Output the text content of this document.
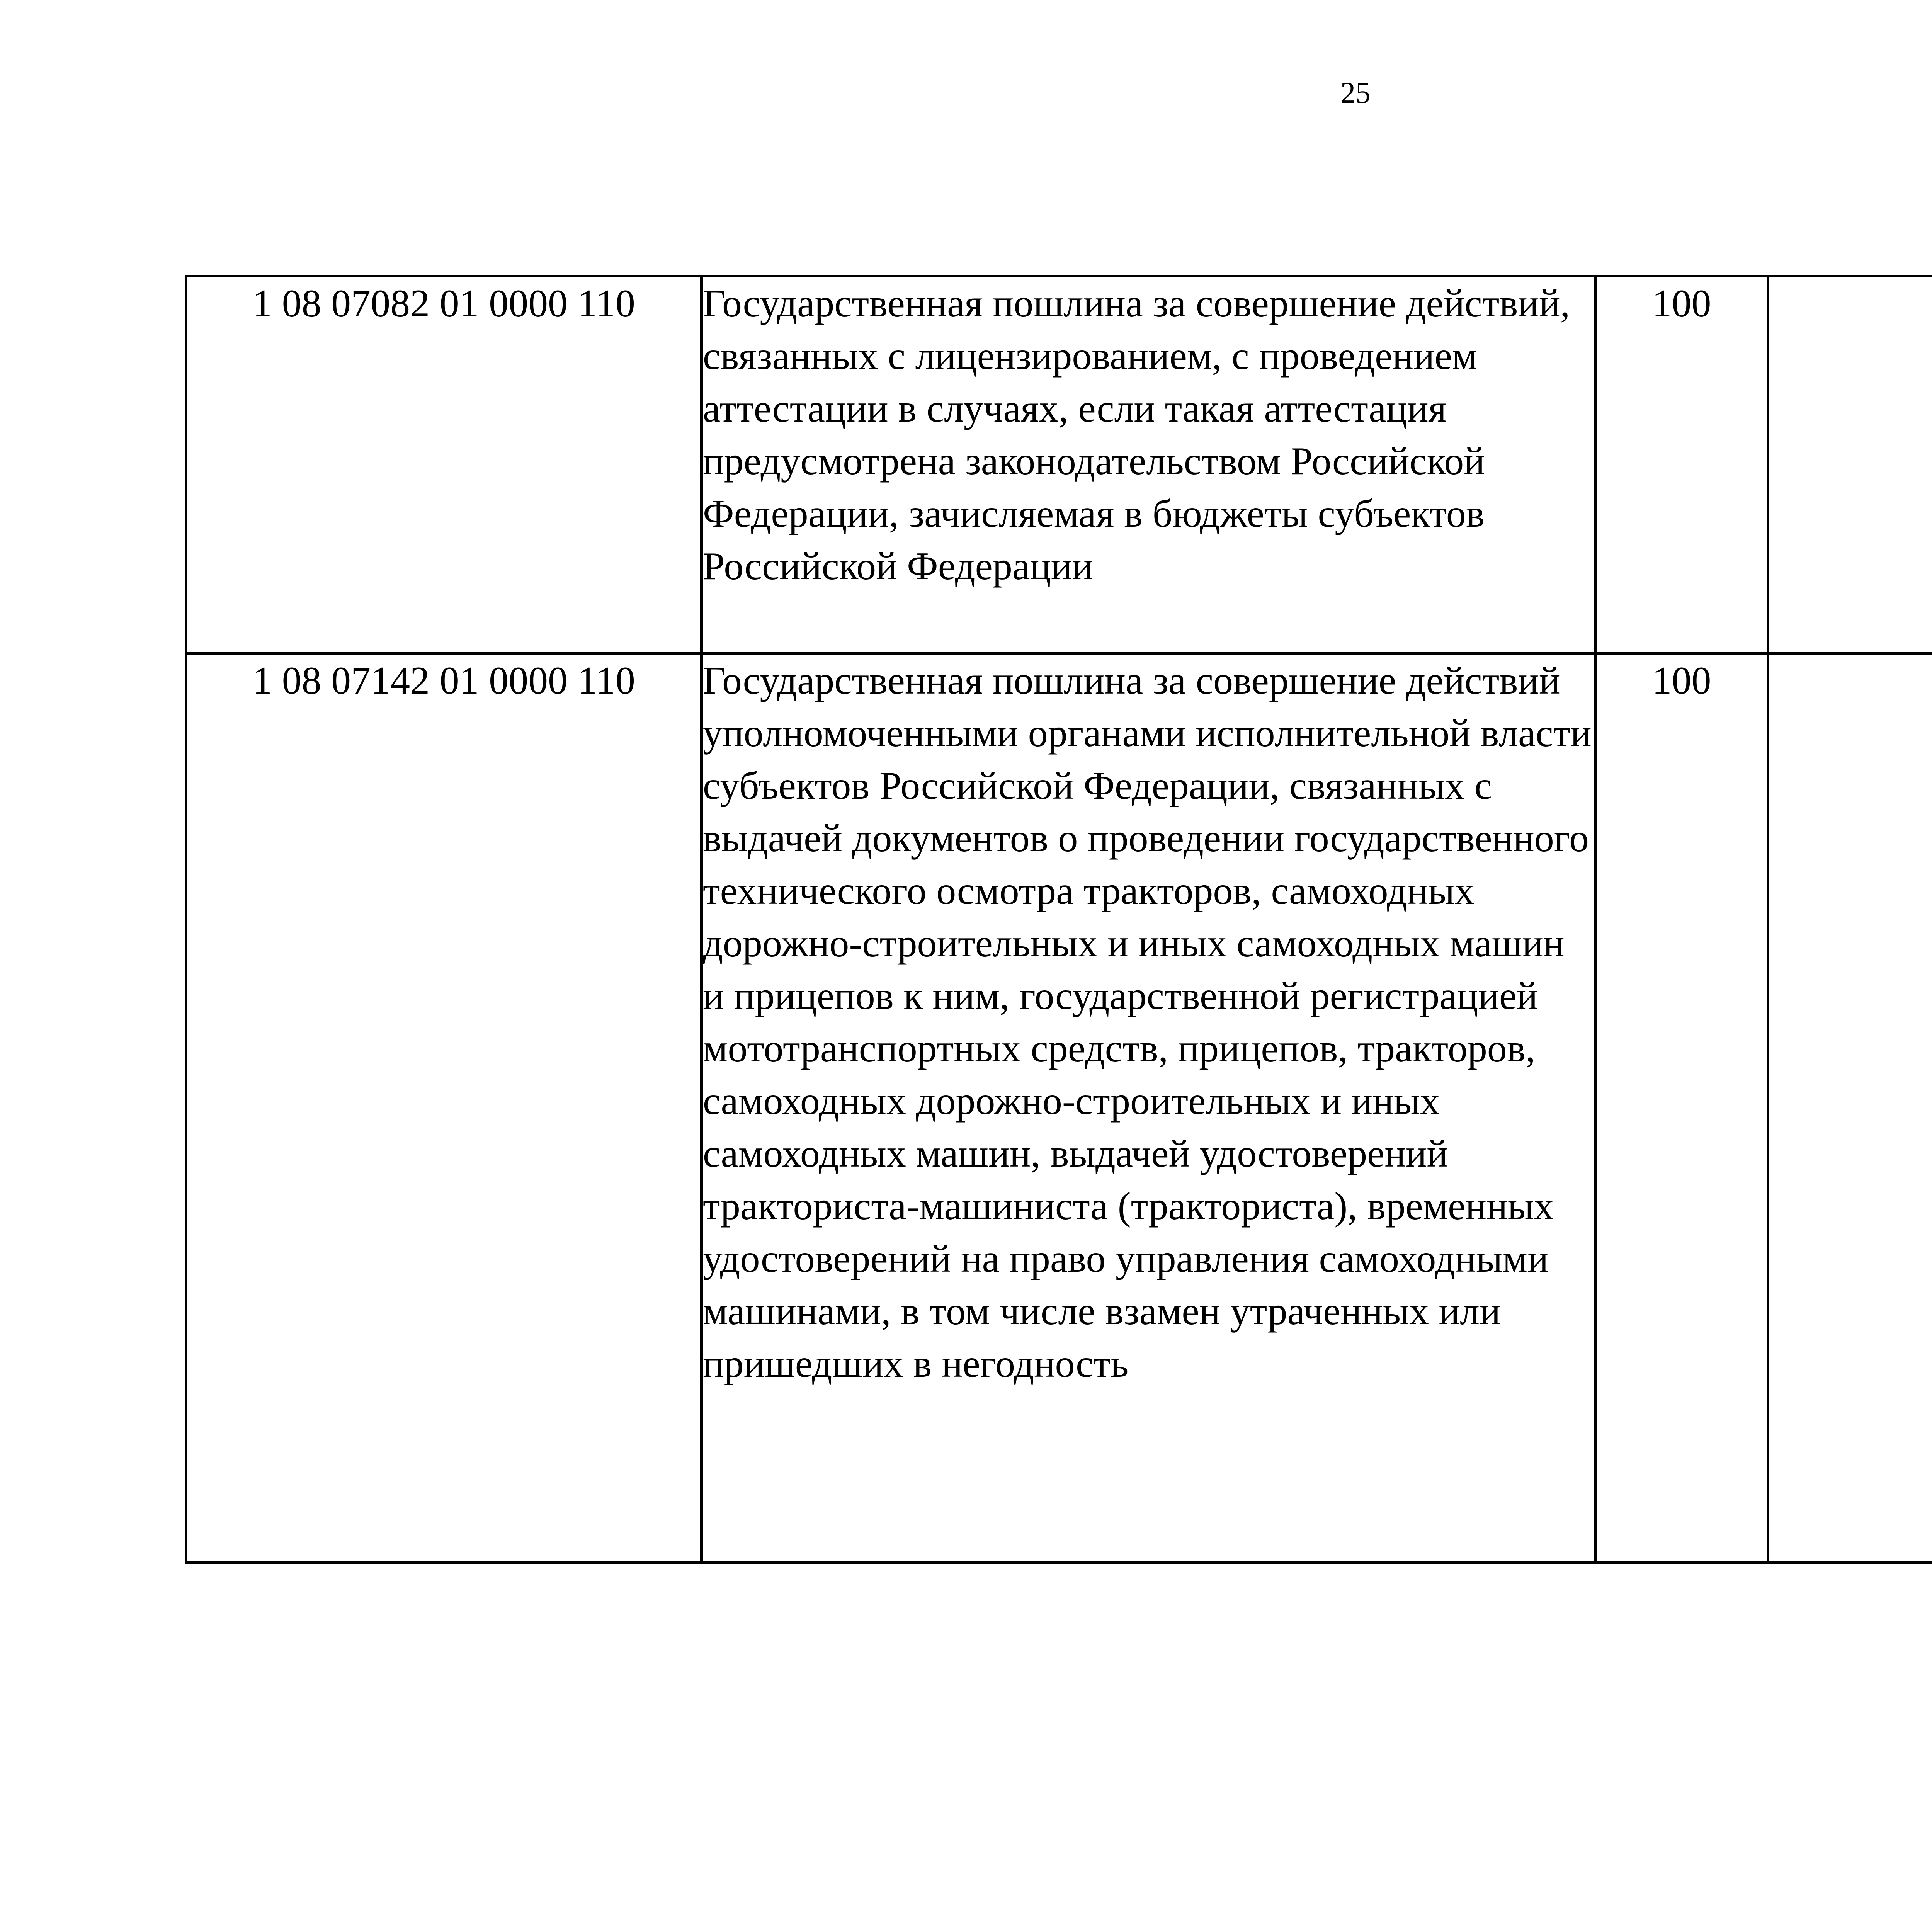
25
1 08 07082 01 0000 110	Государственная пошлина за совершение действий, связанных с лицензированием, с проведением аттестации в случаях, если такая аттестация предусмотрена законодательством Российской Федерации, зачисляемая в бюджеты субъектов Российской Федерации	100				
1 08 07142 01 0000 110	Государственная пошлина за совершение действий уполномоченными органами исполнительной власти субъектов Российской Федерации, связанных с выдачей документов о проведении государственного технического осмотра тракторов, самоходных дорожно-строительных и иных самоходных машин и прицепов к ним, государственной регистрацией мототранспортных средств, прицепов, тракторов, самоходных дорожно-строительных и иных самоходных машин, выдачей удостоверений тракториста-машиниста (тракториста), временных удостоверений на право управления самоходными машинами, в том числе взамен утраченных или пришедших в негодность	100				
